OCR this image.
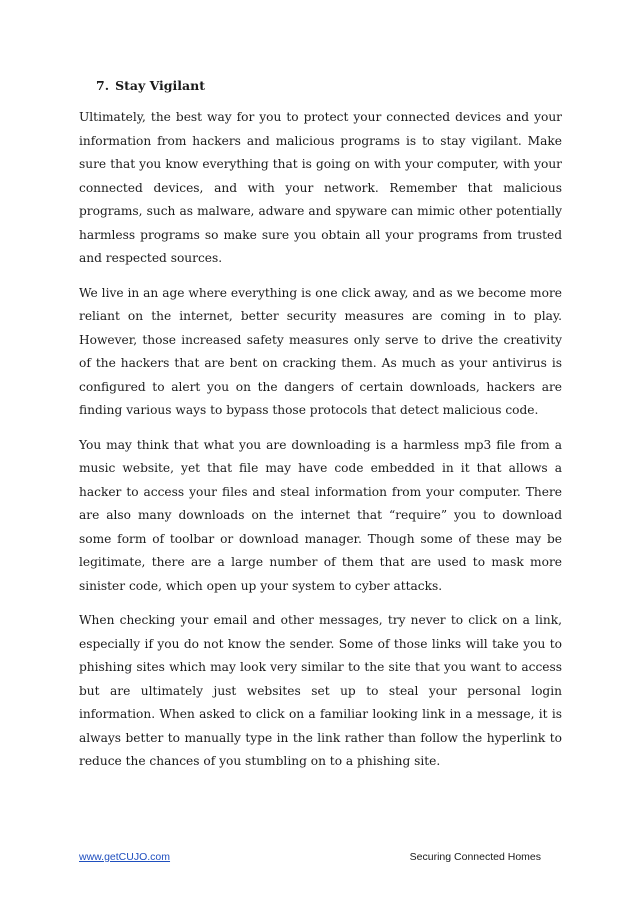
7. Stay Vigilant

Ultimately, the best way for you to protect your connected devices and your information from hackers and malicious programs is to stay vigilant. Make sure that you know everything that is going on with your computer, with your connected devices, and with your network. Remember that malicious programs, such as malware, adware and spyware can mimic other potentially harmless programs so make sure you obtain all your programs from trusted and respected sources.

We live in an age where everything is one click away, and as we become more reliant on the internet, better security measures are coming in to play. However, those increased safety measures only serve to drive the creativity of the hackers that are bent on cracking them. As much as your antivirus is configured to alert you on the dangers of certain downloads, hackers are finding various ways to bypass those protocols that detect malicious code.

You may think that what you are downloading is a harmless mp3 file from a music website, yet that file may have code embedded in it that allows a hacker to access your files and steal information from your computer. There are also many downloads on the internet that “require” you to download some form of toolbar or download manager. Though some of these may be legitimate, there are a large number of them that are used to mask more sinister code, which open up your system to cyber attacks.

When checking your email and other messages, try never to click on a link, especially if you do not know the sender. Some of those links will take you to phishing sites which may look very similar to the site that you want to access but are ultimately just websites set up to steal your personal login information. When asked to click on a familiar looking link in a message, it is always better to manually type in the link rather than follow the hyperlink to reduce the chances of you stumbling on to a phishing site.

www.getCUJO.com	Securing Connected Homes
